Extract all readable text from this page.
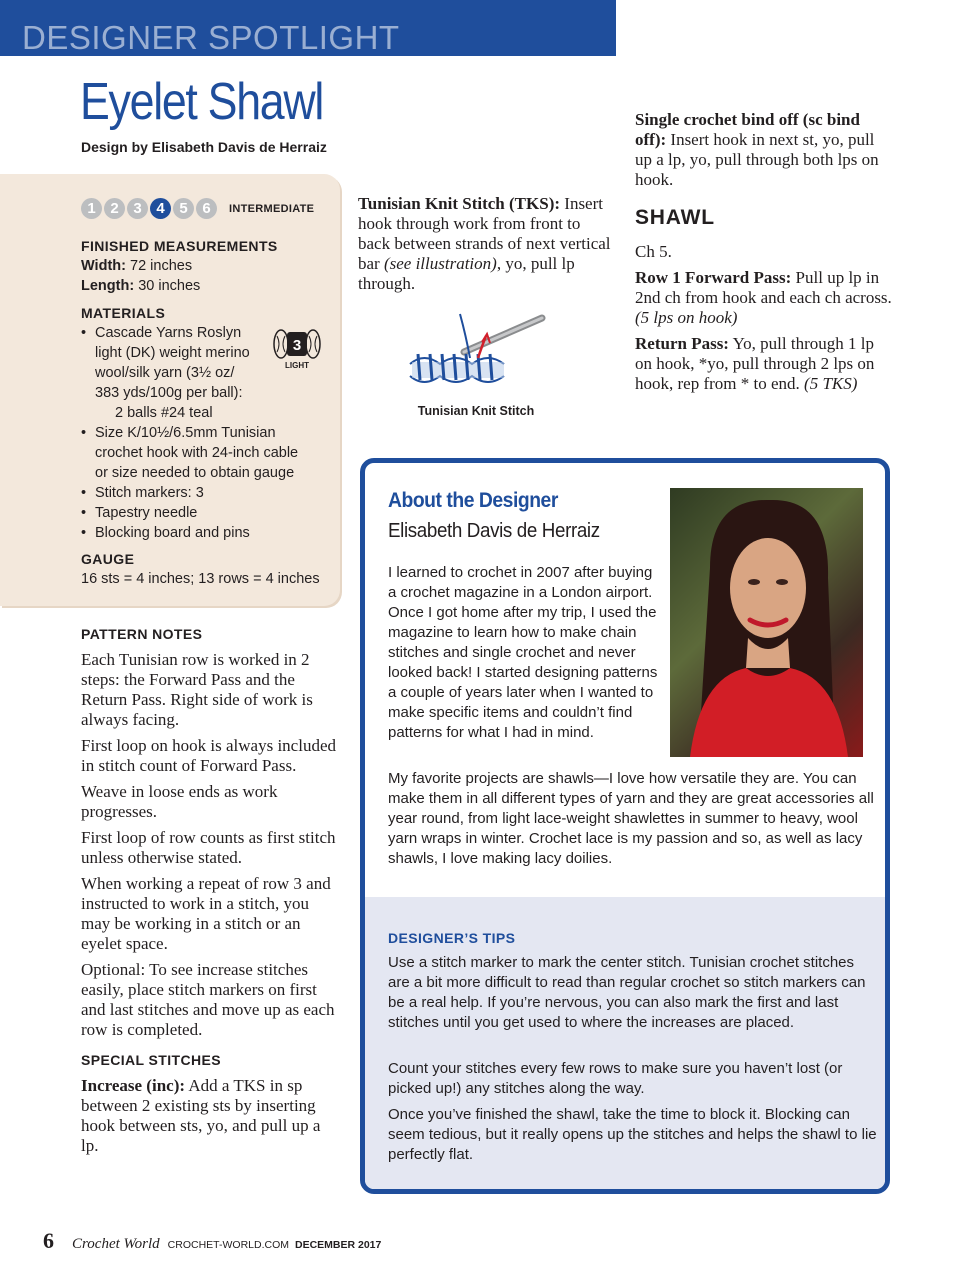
DESIGNER SPOTLIGHT
Eyelet Shawl
Design by Elisabeth Davis de Herraiz
1 2 3 4 5 6	INTERMEDIATE
FINISHED MEASUREMENTS
Width: 72 inches
Length: 30 inches
MATERIALS
• Cascade Yarns Roslyn
light (DK) weight merino
wool/silk yarn (3½ oz/
383 yds/100g per ball):
2 balls #24 teal
• Size K/10½/6.5mm Tunisian
crochet hook with 24-inch cable
or size needed to obtain gauge
• Stitch markers: 3
• Tapestry needle
• Blocking board and pins
3
LIGHT
GAUGE
16 sts = 4 inches; 13 rows = 4 inches
PATTERN NOTES
Each Tunisian row is worked in 2 steps: the Forward Pass and the Return Pass. Right side of work is always facing.
First loop on hook is always included in stitch count of Forward Pass.
Weave in loose ends as work progresses.
First loop of row counts as first stitch unless otherwise stated.
When working a repeat of row 3 and instructed to work in a stitch, you may be working in a stitch or an eyelet space.
Optional: To see increase stitches easily, place stitch markers on first and last stitches and move up as each row is completed.
SPECIAL STITCHES
Increase (inc): Add a TKS in sp between 2 existing sts by inserting hook between sts, yo, and pull up a lp.
Tunisian Knit Stitch (TKS): Insert hook through work from front to back between strands of next vertical bar (see illustration), yo, pull lp through.
Tunisian Knit Stitch
Single crochet bind off (sc bind off): Insert hook in next st, yo, pull up a lp, yo, pull through both lps on hook.
SHAWL
Ch 5.
Row 1 Forward Pass: Pull up lp in 2nd ch from hook and each ch across. (5 lps on hook)
Return Pass: Yo, pull through 1 lp on hook, *yo, pull through 2 lps on hook, rep from * to end. (5 TKS)
About the Designer
Elisabeth Davis de Herraiz
I learned to crochet in 2007 after buying a crochet magazine in a London airport. Once I got home after my trip, I used the magazine to learn how to make chain stitches and single crochet and never looked back! I started designing patterns a couple of years later when I wanted to make specific items and couldn’t find patterns for what I had in mind.
My favorite projects are shawls—I love how versatile they are. You can make them in all different types of yarn and they are great accessories all year round, from light lace-weight shawlettes in summer to heavy, wool yarn wraps in winter. Crochet lace is my passion and so, as well as lacy shawls, I love making lacy doilies.
DESIGNER’S TIPS
Use a stitch marker to mark the center stitch. Tunisian crochet stitches are a bit more difficult to read than regular crochet so stitch markers can be a real help. If you’re nervous, you can also mark the first and last stitches until you get used to where the increases are placed.
Count your stitches every few rows to make sure you haven’t lost (or picked up!) any stitches along the way.
Once you’ve finished the shawl, take the time to block it. Blocking can seem tedious, but it really opens up the stitches and helps the shawl to lie perfectly flat.
6 Crochet World CROCHET-WORLD.COM DECEMBER 2017
